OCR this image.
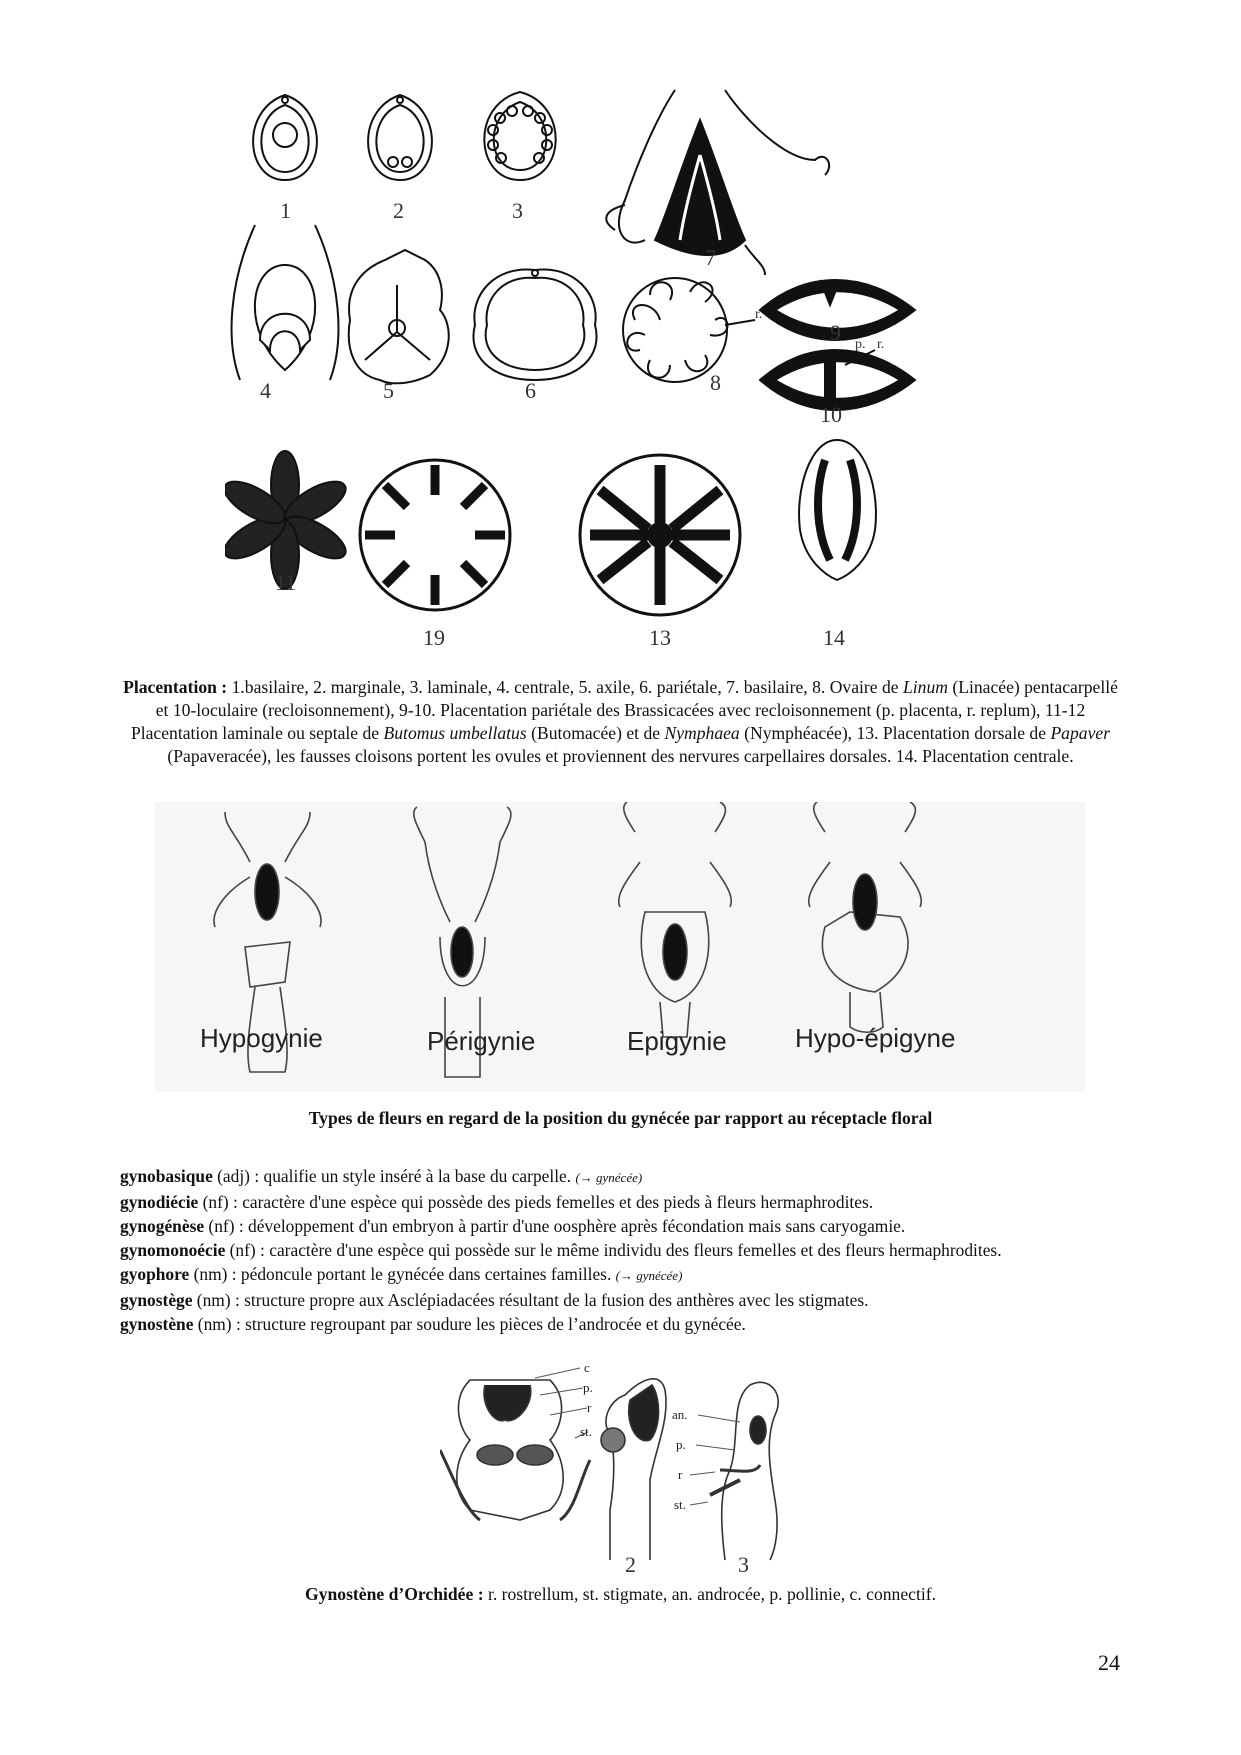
1	2	3
7
4	5	6	8
9
10
11
19	13	14
r.
p. r.
Placentation : 1.basilaire, 2. marginale, 3. laminale, 4. centrale, 5. axile, 6. pariétale, 7. basilaire, 8. Ovaire de Linum (Linacée) pentacarpellé et 10-loculaire (recloisonnement), 9-10. Placentation pariétale des Brassicacées avec recloisonnement (p. placenta, r. replum), 11-12 Placentation laminale ou septale de Butomus umbellatus (Butomacée) et de Nymphaea (Nymphéacée), 13. Placentation dorsale de Papaver (Papaveracée), les fausses cloisons portent les ovules et proviennent des nervures carpellaires dorsales. 14. Placentation centrale.
Hypogynie	Périgynie	Epigynie	Hypo-épigyne
Types de fleurs en regard de la position du gynécée par rapport au réceptacle floral

gynobasique (adj) : qualifie un style inséré à la base du carpelle. (→ gynécée)

gynodiécie (nf) : caractère d'une espèce qui possède des pieds femelles et des pieds à fleurs hermaphrodites.

gynogénèse (nf) : développement d'un embryon à partir d'une oosphère après fécondation mais sans caryogamie.

gynomonoécie (nf) : caractère d'une espèce qui possède sur le même individu des fleurs femelles et des fleurs hermaphrodites.

gyophore (nm) : pédoncule portant le gynécée dans certaines familles. (→ gynécée)

gynostège (nm) : structure propre aux Asclépiadacées résultant de la fusion des anthères avec les stigmates.

gynostène (nm) : structure regroupant par soudure les pièces de l’androcée et du gynécée.

c
p.
r
st.
an.
p.
r
st.
2	3
Gynostène d’Orchidée : r. rostrellum, st. stigmate, an. androcée, p. pollinie, c. connectif.
24
